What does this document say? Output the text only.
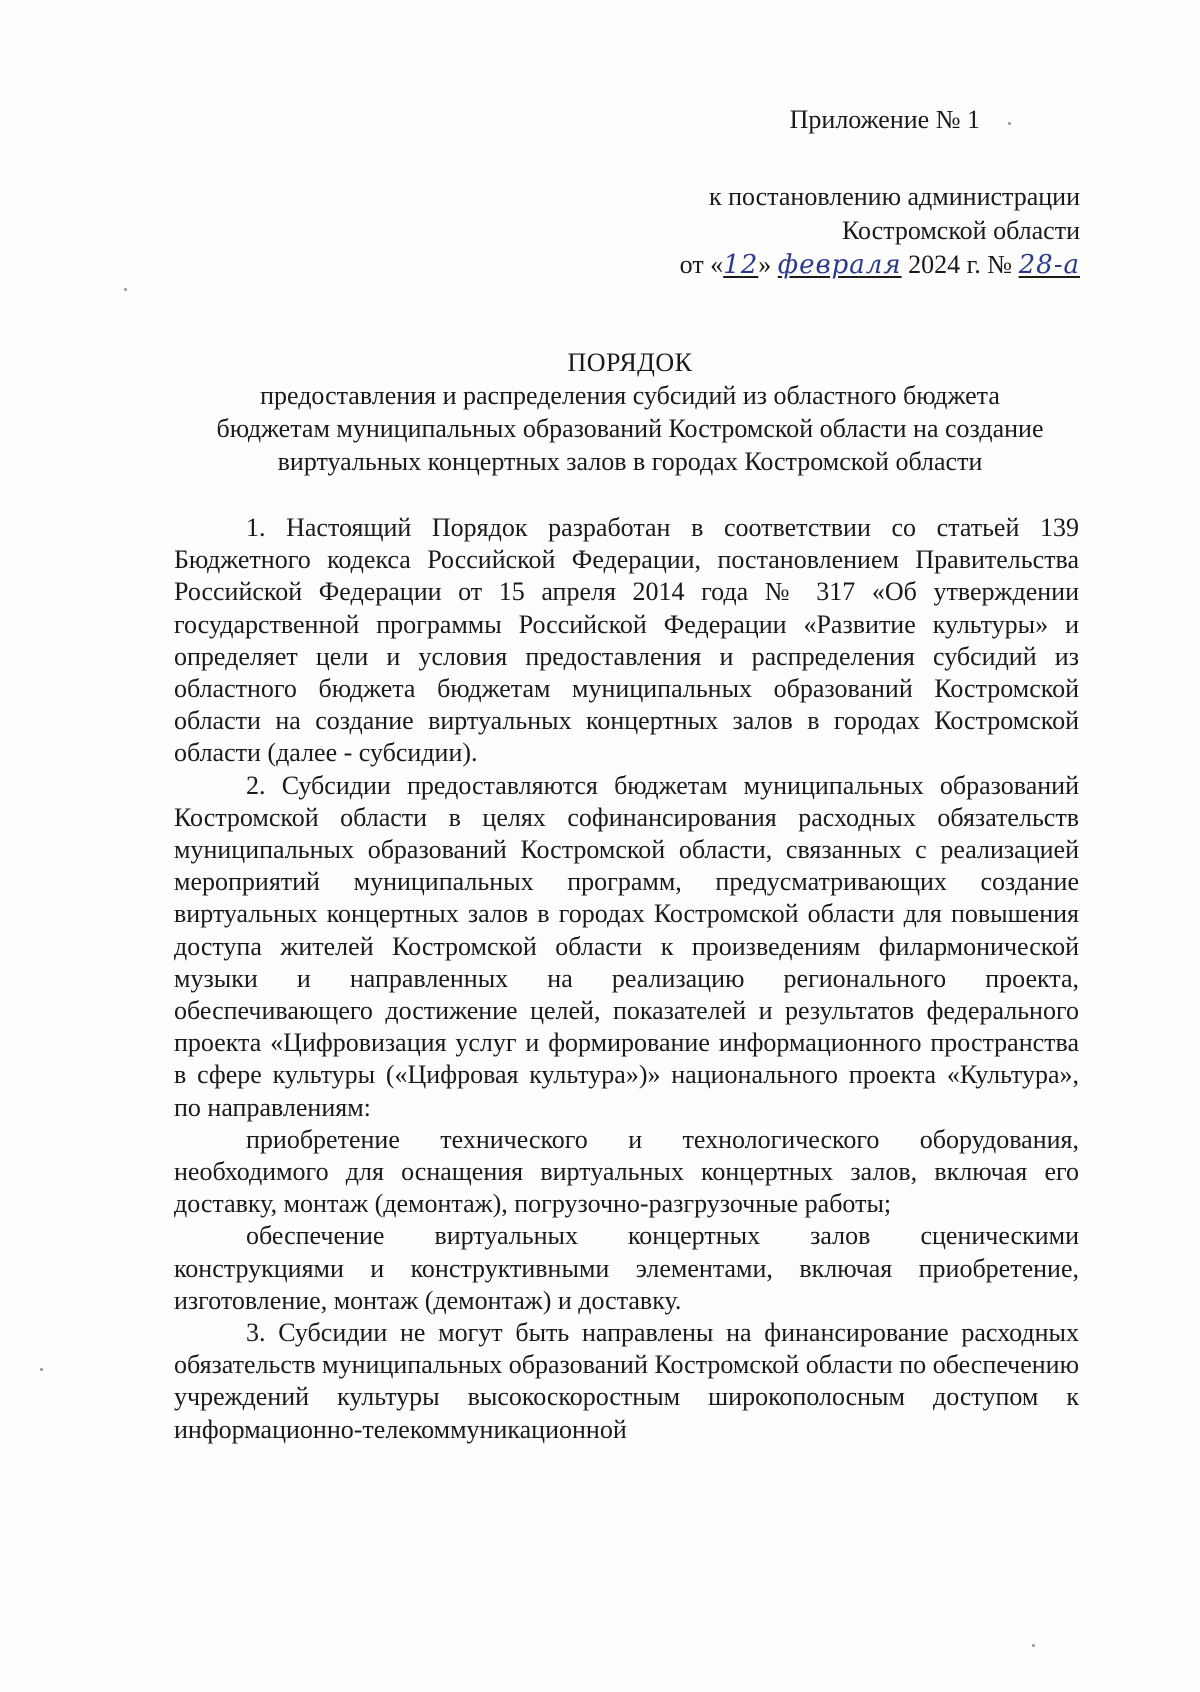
Приложение № 1
к постановлению администрации
Костромской области
от «12» февраля 2024 г. № 28-а
ПОРЯДОК
предоставления и распределения субсидий из областного бюджета
бюджетам муниципальных образований Костромской области на создание
виртуальных концертных залов в городах Костромской области

1. Настоящий Порядок разработан в соответствии со статьей 139 Бюджетного кодекса Российской Федерации, постановлением Правительства Российской Федерации от 15 апреля 2014 года № 317 «Об утверждении государственной программы Российской Федерации «Развитие культуры» и определяет цели и условия предоставления и распределения субсидий из областного бюджета бюджетам муниципальных образований Костромской области на создание виртуальных концертных залов в городах Костромской области (далее - субсидии).

2. Субсидии предоставляются бюджетам муниципальных образований Костромской области в целях софинансирования расходных обязательств муниципальных образований Костромской области, связанных с реализацией мероприятий муниципальных программ, предусматривающих создание виртуальных концертных залов в городах Костромской области для повышения доступа жителей Костромской области к произведениям филармонической музыки и направленных на реализацию регионального проекта, обеспечивающего достижение целей, показателей и результатов федерального проекта «Цифровизация услуг и формирование информационного пространства в сфере культуры («Цифровая культура»)» национального проекта «Культура», по направлениям:

приобретение технического и технологического оборудования, необходимого для оснащения виртуальных концертных залов, включая его доставку, монтаж (демонтаж), погрузочно-разгрузочные работы;

обеспечение виртуальных концертных залов сценическими конструкциями и конструктивными элементами, включая приобретение, изготовление, монтаж (демонтаж) и доставку.

3. Субсидии не могут быть направлены на финансирование расходных обязательств муниципальных образований Костромской области по обеспечению учреждений культуры высокоскоростным широкополосным доступом к информационно-телекоммуникационной
